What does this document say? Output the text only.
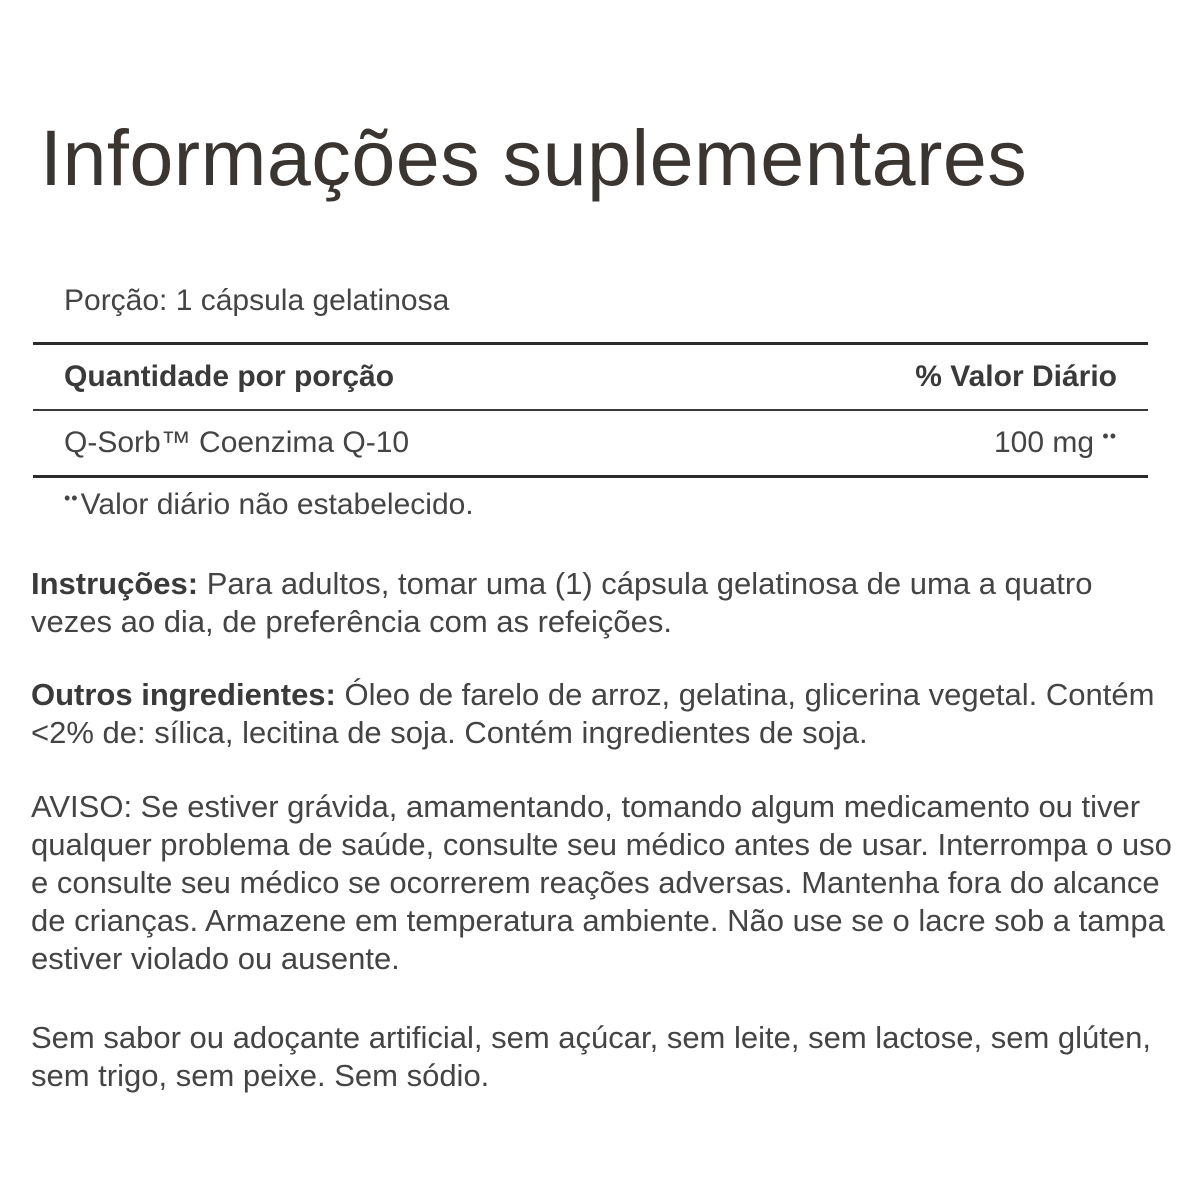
Informações suplementares
Porção: 1 cápsula gelatinosa
Quantidade por porção	% Valor Diário
Q-Sorb™ Coenzima Q-10	100 mg ••
••Valor diário não estabelecido.
Instruções: Para adultos, tomar uma (1) cápsula gelatinosa de uma a quatro vezes ao dia, de preferência com as refeições.
Outros ingredientes: Óleo de farelo de arroz, gelatina, glicerina vegetal. Contém <2% de: sílica, lecitina de soja. Contém ingredientes de soja.
AVISO: Se estiver grávida, amamentando, tomando algum medicamento ou tiver qualquer problema de saúde, consulte seu médico antes de usar. Interrompa o uso e consulte seu médico se ocorrerem reações adversas. Mantenha fora do alcance de crianças. Armazene em temperatura ambiente. Não use se o lacre sob a tampa estiver violado ou ausente.
Sem sabor ou adoçante artificial, sem açúcar, sem leite, sem lactose, sem glúten, sem trigo, sem peixe. Sem sódio.
